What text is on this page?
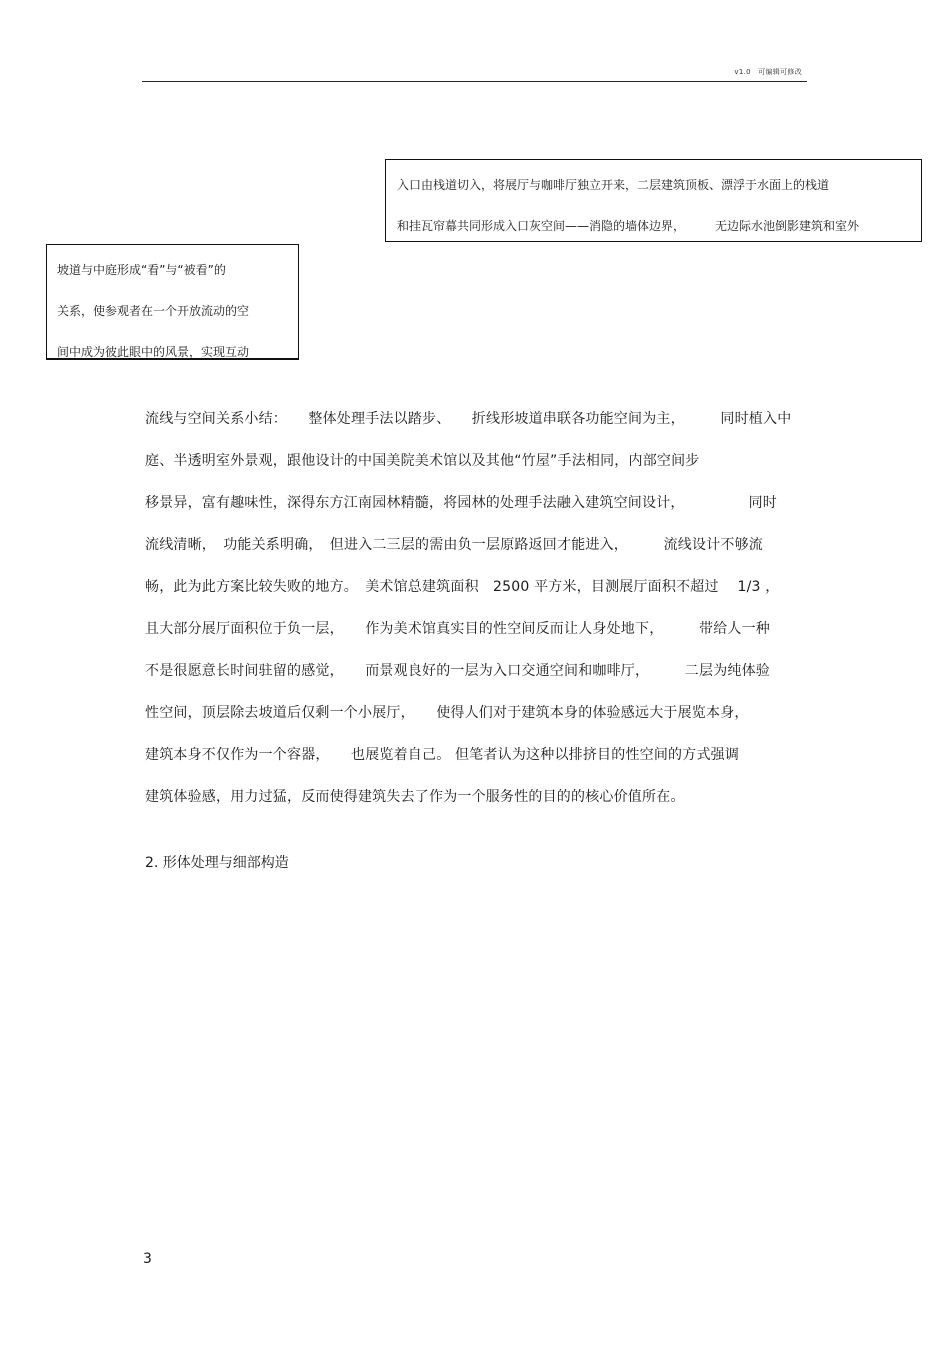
v1.0　可编辑可修改
入口由栈道切入，将展厅与咖啡厅独立开来，二层建筑顶板、漂浮于水面上的栈道
和挂瓦帘幕共同形成入口灰空间——消隐的墙体边界，　　　无边际水池倒影建筑和室外
坡道与中庭形成“看”与“被看”的
关系，使参观者在一个开放流动的空
间中成为彼此眼中的风景，实现互动
流线与空间关系小结：　　整体处理手法以踏步、　　折线形坡道串联各功能空间为主，　　　同时植入中
庭、半透明室外景观，跟他设计的中国美院美术馆以及其他“竹屋”手法相同，内部空间步
移景异，富有趣味性，深得东方江南园林精髓，将园林的处理手法融入建筑空间设计，　　　　　同时
流线清晰，　功能关系明确，　但进入二三层的需由负一层原路返回才能进入，　　　流线设计不够流
畅，此为此方案比较失败的地方。　美术馆总建筑面积　2500 平方米，目测展厅面积不超过　 1/3 ，
且大部分展厅面积位于负一层，　　作为美术馆真实目的性空间反而让人身处地下，　　　带给人一种
不是很愿意长时间驻留的感觉，　　而景观良好的一层为入口交通空间和咖啡厅，　　　二层为纯体验
性空间，顶层除去坡道后仅剩一个小展厅，　　使得人们对于建筑本身的体验感远大于展览本身，
建筑本身不仅作为一个容器，　　也展览着自己。 但笔者认为这种以排挤目的性空间的方式强调
建筑体验感，用力过猛，反而使得建筑失去了作为一个服务性的目的的核心价值所在。
2. 形体处理与细部构造
3
